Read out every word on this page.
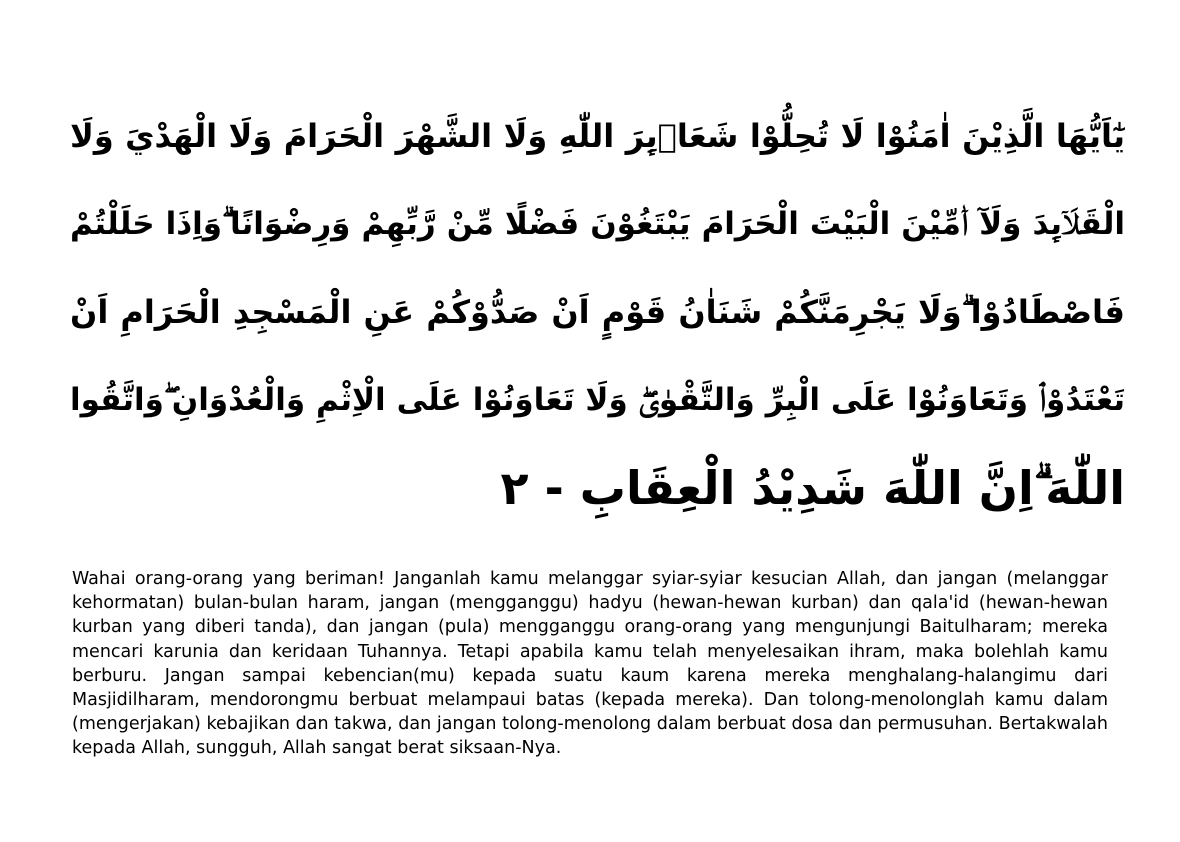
يٰٓاَيُّهَا الَّذِيْنَ اٰمَنُوْا لَا تُحِلُّوْا شَعَاۤىِٕرَ اللّٰهِ وَلَا الشَّهْرَ الْحَرَامَ وَلَا الْهَدْيَ وَلَا
الْقَلَاۤىِٕدَ وَلَآ اٰۤمِّيْنَ الْبَيْتَ الْحَرَامَ يَبْتَغُوْنَ فَضْلًا مِّنْ رَّبِّهِمْ وَرِضْوَانًا ۗوَاِذَا حَلَلْتُمْ
فَاصْطَادُوْا ۗوَلَا يَجْرِمَنَّكُمْ شَنَاٰنُ قَوْمٍ اَنْ صَدُّوْكُمْ عَنِ الْمَسْجِدِ الْحَرَامِ اَنْ
تَعْتَدُوْاۘ وَتَعَاوَنُوْا عَلَى الْبِرِّ وَالتَّقْوٰىۖ وَلَا تَعَاوَنُوْا عَلَى الْاِثْمِ وَالْعُدْوَانِ ۖوَاتَّقُوا
اللّٰهَ ۗاِنَّ اللّٰهَ شَدِيْدُ الْعِقَابِ - ٢

Wahai orang-orang yang beriman! Janganlah kamu melanggar syiar-syiar kesucian Allah, dan jangan (melanggar kehormatan) bulan-bulan haram, jangan (mengganggu) hadyu (hewan-hewan kurban) dan qala'id (hewan-hewan kurban yang diberi tanda), dan jangan (pula) mengganggu orang-orang yang mengunjungi Baitulharam; mereka mencari karunia dan keridaan Tuhannya. Tetapi apabila kamu telah menyelesaikan ihram, maka bolehlah kamu berburu. Jangan sampai kebencian(mu) kepada suatu kaum karena mereka menghalang-halangimu dari Masjidilharam, mendorongmu berbuat melampaui batas (kepada mereka). Dan tolong-menolonglah kamu dalam (mengerjakan) kebajikan dan takwa, dan jangan tolong-menolong dalam berbuat dosa dan permusuhan. Bertakwalah kepada Allah, sungguh, Allah sangat berat siksaan-Nya.
